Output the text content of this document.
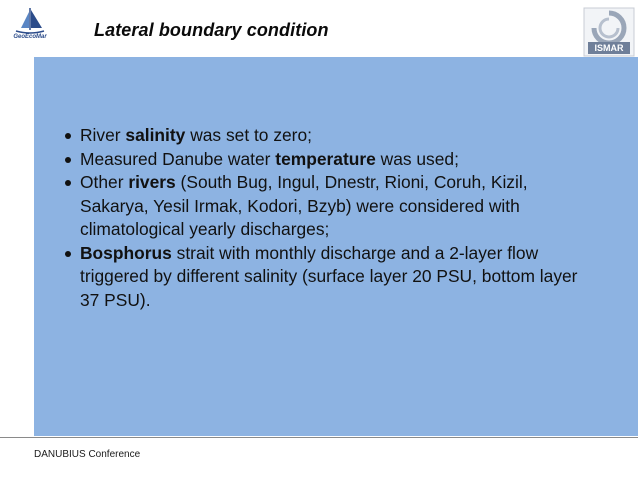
GeoEcoMar	Lateral boundary condition
ISMAR
River salinity was set to zero;
Measured Danube water temperature was used;
Other rivers (South Bug, Ingul, Dnestr, Rioni, Coruh, Kizil, Sakarya, Yesil Irmak, Kodori, Bzyb) were considered with climatological yearly discharges;
Bosphorus strait with monthly discharge and a 2-layer flow triggered by different salinity (surface layer 20 PSU, bottom layer 37 PSU).
DANUBIUS Conference
